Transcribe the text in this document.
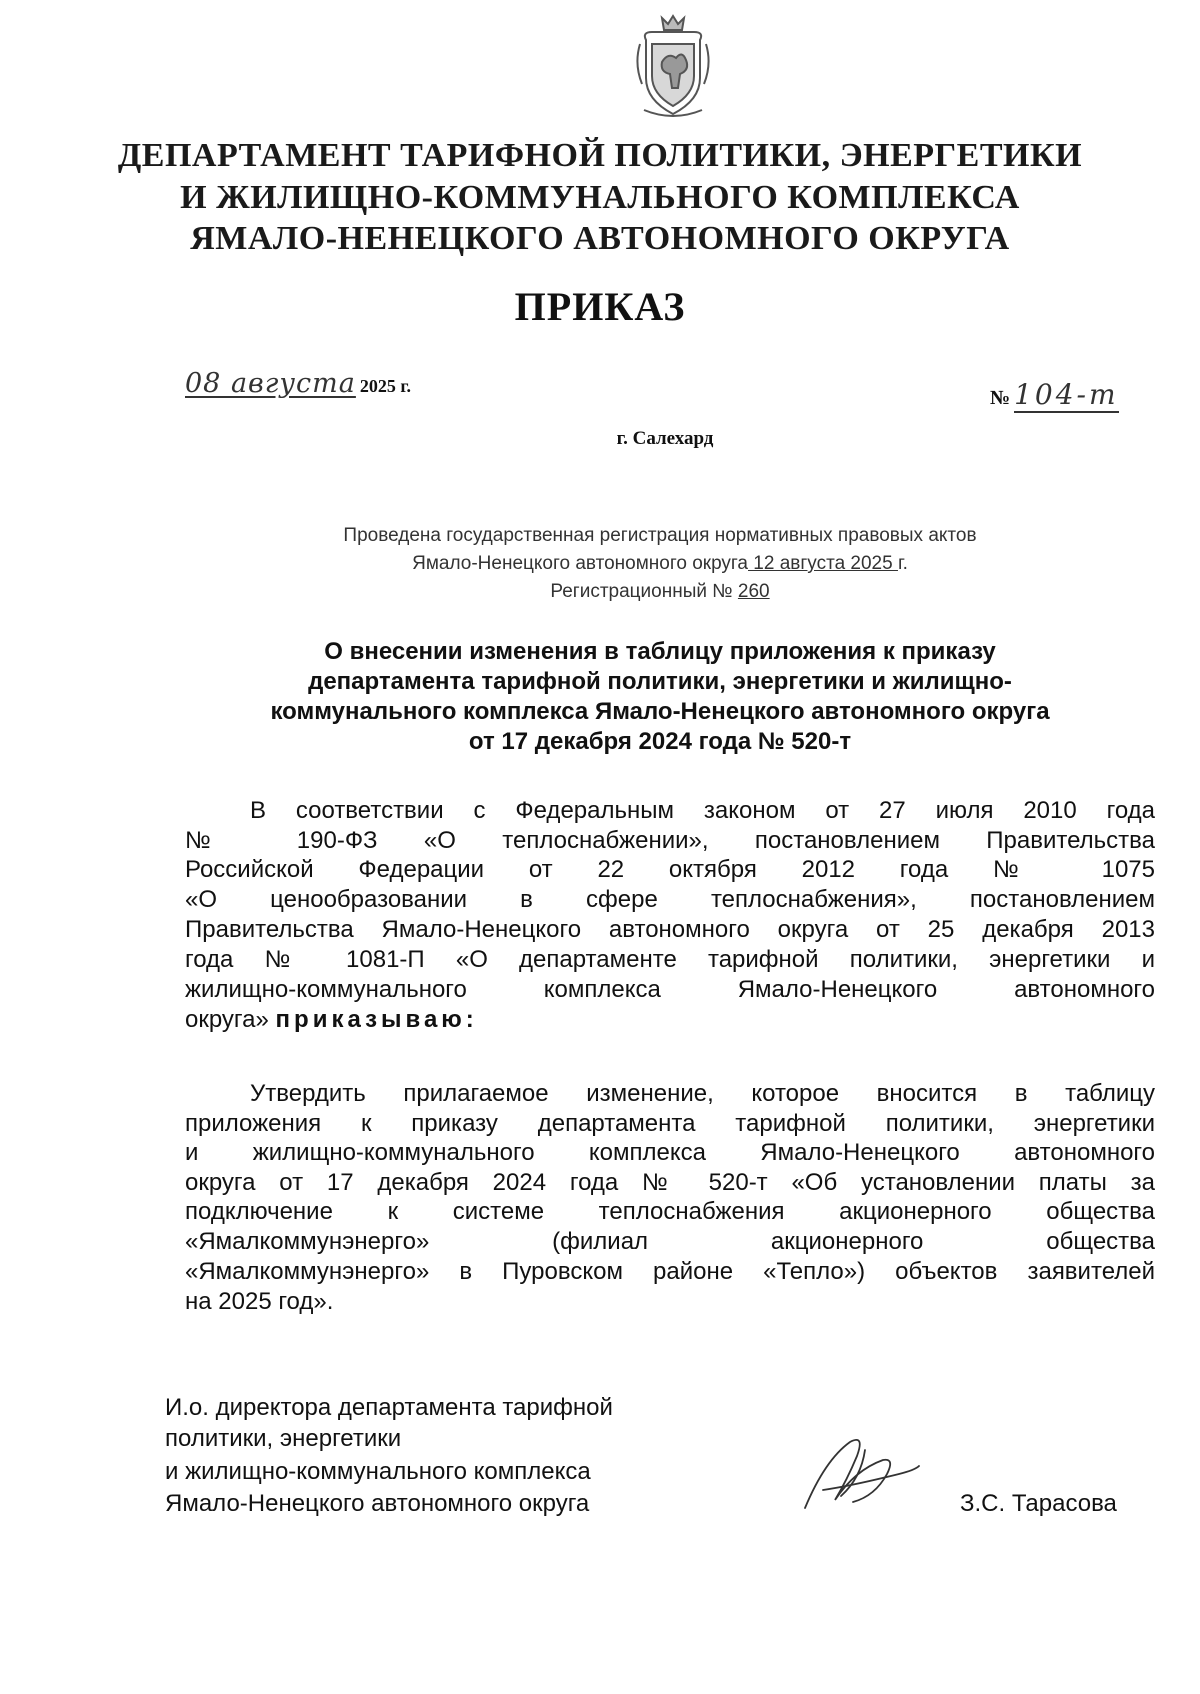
ДЕПАРТАМЕНТ ТАРИФНОЙ ПОЛИТИКИ, ЭНЕРГЕТИКИ
И ЖИЛИЩНО-КОММУНАЛЬНОГО КОМПЛЕКСА
ЯМАЛО-НЕНЕЦКОГО АВТОНОМНОГО ОКРУГА
ПРИКАЗ
08 августа 2025 г.
№ 104-т
г. Салехард
Проведена государственная регистрация нормативных правовых актов
Ямало-Ненецкого автономного округа 12 августа 2025 г.
Регистрационный № 260
О внесении изменения в таблицу приложения к приказу
департамента тарифной политики, энергетики и жилищно-
коммунального комплекса Ямало-Ненецкого автономного округа
от 17 декабря 2024 года № 520-т
В соответствии с Федеральным законом от 27 июля 2010 года
№ 190-ФЗ «О теплоснабжении», постановлением Правительства
Российской Федерации от 22 октября 2012 года № 1075
«О ценообразовании в сфере теплоснабжения», постановлением
Правительства Ямало-Ненецкого автономного округа от 25 декабря 2013
года № 1081-П «О департаменте тарифной политики, энергетики и
жилищно-коммунального комплекса Ямало-Ненецкого автономного
округа» приказываю:
Утвердить прилагаемое изменение, которое вносится в таблицу
приложения к приказу департамента тарифной политики, энергетики
и жилищно-коммунального комплекса Ямало-Ненецкого автономного
округа от 17 декабря 2024 года № 520-т «Об установлении платы за
подключение к системе теплоснабжения акционерного общества
«Ямалкоммунэнерго» (филиал акционерного общества
«Ямалкоммунэнерго» в Пуровском районе «Тепло») объектов заявителей
на 2025 год».
И.о. директора департамента тарифной
политики, энергетики
и жилищно-коммунального комплекса
Ямало-Ненецкого автономного округа	З.С. Тарасова
